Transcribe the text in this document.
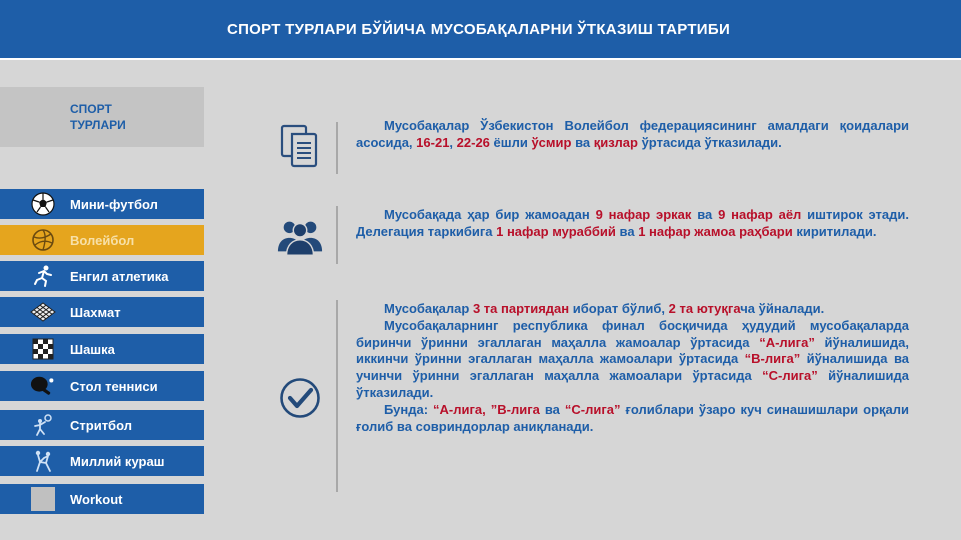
СПОРТ ТУРЛАРИ БЎЙИЧА МУСОБАҚАЛАРНИ ЎТКАЗИШ ТАРТИБИ
СПОРТ
ТУРЛАРИ
Мини-футбол
Волейбол
Енгил атлетика
Шахмат
Шашка
Стол тенниси
Стритбол
Миллий кураш
Workout

Мусобақалар Ўзбекистон Волейбол федерациясининг амалдаги қоидалари асосида, 16-21, 22-26 ёшли ўсмир ва қизлар ўртасида ўтказилади.

Мусобақада ҳар бир жамоадан 9 нафар эркак ва 9 нафар аёл иштирок этади. Делегация таркибига 1 нафар мураббий ва 1 нафар жамоа раҳбари киритилади.

Мусобақалар 3 та партиядан иборат бўлиб, 2 та ютуқгача ўйналади.

Мусобақаларнинг республика финал босқичида ҳудудий мусобақаларда биринчи ўринни эгаллаган маҳалла жамоалар ўртасида “А-лига” йўналишида, иккинчи ўринни эгаллаган маҳалла жамоалари ўртасида “В-лига” йўналишида ва учинчи ўринни эгаллаган маҳалла жамоалари ўртасида “С-лига” йўналишида ўтказилади.

Бунда: “А-лига, ”В-лига ва “С-лига” ғолиблари ўзаро куч синашишлари орқали ғолиб ва совриндорлар аниқланади.
